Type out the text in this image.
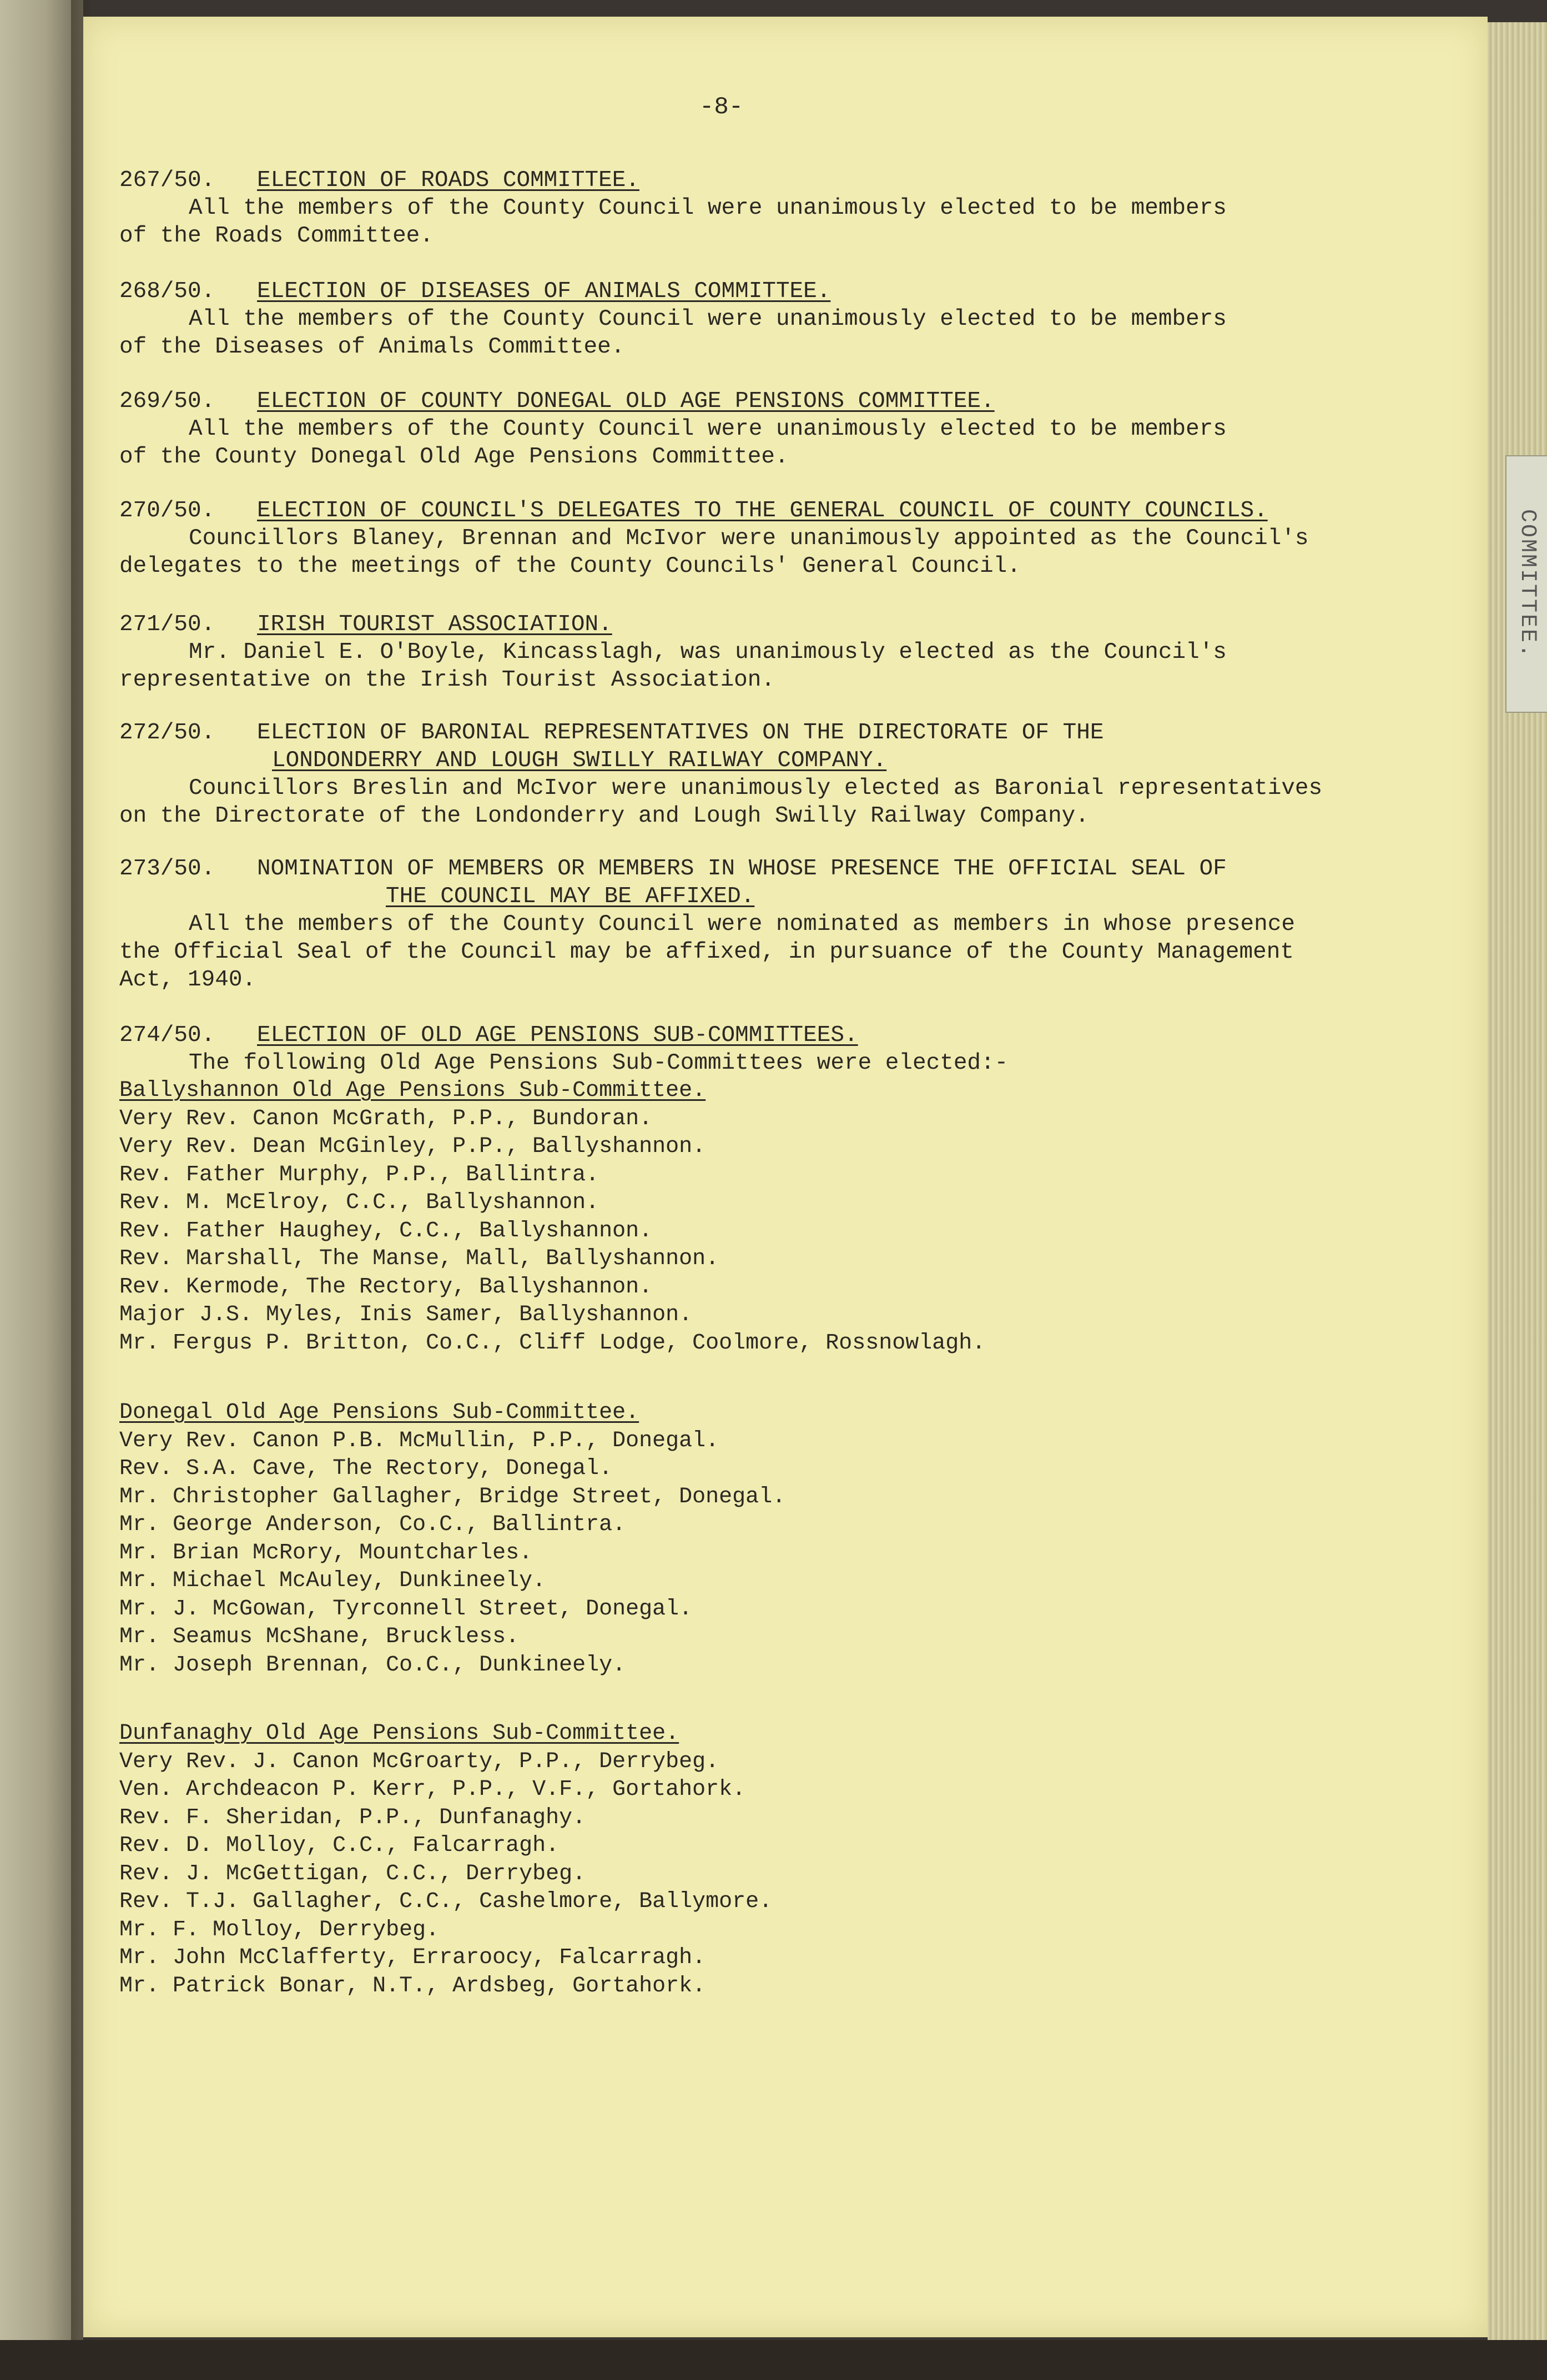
COMMITTEE.
-8-
267/50. ELECTION OF ROADS COMMITTEE.
All the members of the County Council were unanimously elected to be members
of the Roads Committee.
268/50. ELECTION OF DISEASES OF ANIMALS COMMITTEE.
All the members of the County Council were unanimously elected to be members
of the Diseases of Animals Committee.
269/50. ELECTION OF COUNTY DONEGAL OLD AGE PENSIONS COMMITTEE.
All the members of the County Council were unanimously elected to be members
of the County Donegal Old Age Pensions Committee.
270/50. ELECTION OF COUNCIL'S DELEGATES TO THE GENERAL COUNCIL OF COUNTY COUNCILS.
Councillors Blaney, Brennan and McIvor were unanimously appointed as the Council's
delegates to the meetings of the County Councils' General Council.
271/50. IRISH TOURIST ASSOCIATION.
Mr. Daniel E. O'Boyle, Kincasslagh, was unanimously elected as the Council's
representative on the Irish Tourist Association.
272/50. ELECTION OF BARONIAL REPRESENTATIVES ON THE DIRECTORATE OF THE
LONDONDERRY AND LOUGH SWILLY RAILWAY COMPANY.
Councillors Breslin and McIvor were unanimously elected as Baronial representatives
on the Directorate of the Londonderry and Lough Swilly Railway Company.
273/50. NOMINATION OF MEMBERS OR MEMBERS IN WHOSE PRESENCE THE OFFICIAL SEAL OF
THE COUNCIL MAY BE AFFIXED.
All the members of the County Council were nominated as members in whose presence
the Official Seal of the Council may be affixed, in pursuance of the County Management
Act, 1940.
274/50. ELECTION OF OLD AGE PENSIONS SUB-COMMITTEES.
The following Old Age Pensions Sub-Committees were elected:-
Ballyshannon Old Age Pensions Sub-Committee.
Very Rev. Canon McGrath, P.P., Bundoran.
Very Rev. Dean McGinley, P.P., Ballyshannon.
Rev. Father Murphy, P.P., Ballintra.
Rev. M. McElroy, C.C., Ballyshannon.
Rev. Father Haughey, C.C., Ballyshannon.
Rev. Marshall, The Manse, Mall, Ballyshannon.
Rev. Kermode, The Rectory, Ballyshannon.
Major J.S. Myles, Inis Samer, Ballyshannon.
Mr. Fergus P. Britton, Co.C., Cliff Lodge, Coolmore, Rossnowlagh.
Donegal Old Age Pensions Sub-Committee.
Very Rev. Canon P.B. McMullin, P.P., Donegal.
Rev. S.A. Cave, The Rectory, Donegal.
Mr. Christopher Gallagher, Bridge Street, Donegal.
Mr. George Anderson, Co.C., Ballintra.
Mr. Brian McRory, Mountcharles.
Mr. Michael McAuley, Dunkineely.
Mr. J. McGowan, Tyrconnell Street, Donegal.
Mr. Seamus McShane, Bruckless.
Mr. Joseph Brennan, Co.C., Dunkineely.
Dunfanaghy Old Age Pensions Sub-Committee.
Very Rev. J. Canon McGroarty, P.P., Derrybeg.
Ven. Archdeacon P. Kerr, P.P., V.F., Gortahork.
Rev. F. Sheridan, P.P., Dunfanaghy.
Rev. D. Molloy, C.C., Falcarragh.
Rev. J. McGettigan, C.C., Derrybeg.
Rev. T.J. Gallagher, C.C., Cashelmore, Ballymore.
Mr. F. Molloy, Derrybeg.
Mr. John McClafferty, Erraroocy, Falcarragh.
Mr. Patrick Bonar, N.T., Ardsbeg, Gortahork.
